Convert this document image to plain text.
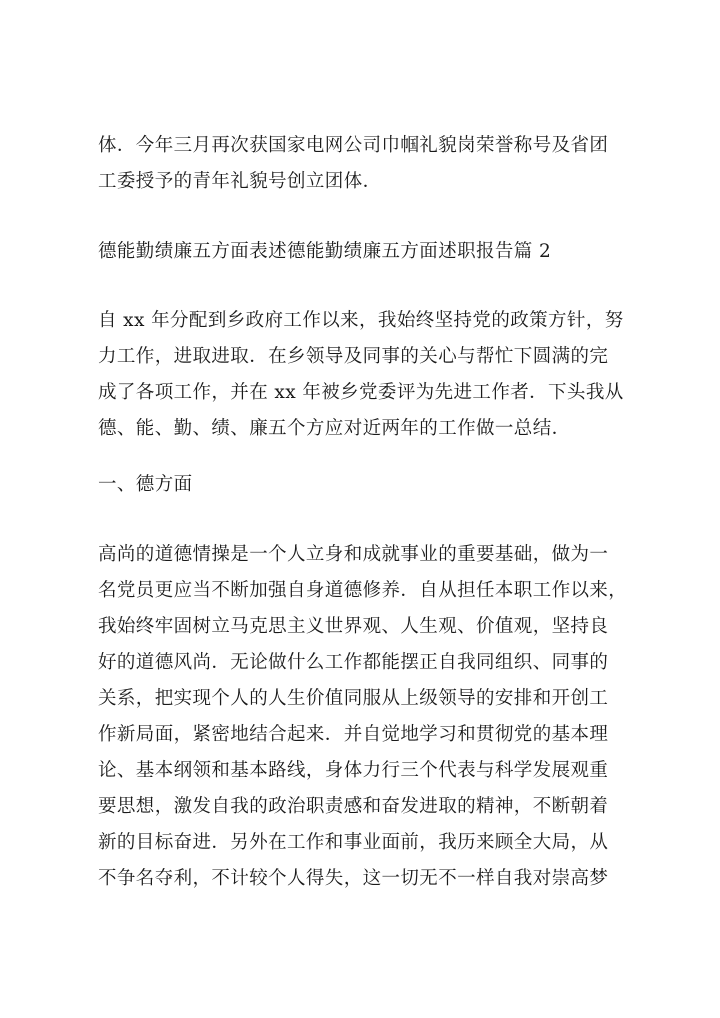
体．今年三月再次获国家电网公司巾帼礼貌岗荣誉称号及省团
工委授予的青年礼貌号创立团体．

德能勤绩廉五方面表述德能勤绩廉五方面述职报告篇 2

自 xx 年分配到乡政府工作以来，我始终坚持党的政策方针，努
力工作，进取进取．在乡领导及同事的关心与帮忙下圆满的完
成了各项工作，并在 xx 年被乡党委评为先进工作者．下头我从
德、能、勤、绩、廉五个方应对近两年的工作做一总结．

一、德方面

高尚的道德情操是一个人立身和成就事业的重要基础，做为一
名党员更应当不断加强自身道德修养．自从担任本职工作以来，
我始终牢固树立马克思主义世界观、人生观、价值观，坚持良
好的道德风尚．无论做什么工作都能摆正自我同组织、同事的
关系，把实现个人的人生价值同服从上级领导的安排和开创工
作新局面，紧密地结合起来．并自觉地学习和贯彻党的基本理
论、基本纲领和基本路线，身体力行三个代表与科学发展观重
要思想，激发自我的政治职责感和奋发进取的精神，不断朝着
新的目标奋进．另外在工作和事业面前，我历来顾全大局，从
不争名夺利，不计较个人得失，这一切无不一样自我对崇高梦
